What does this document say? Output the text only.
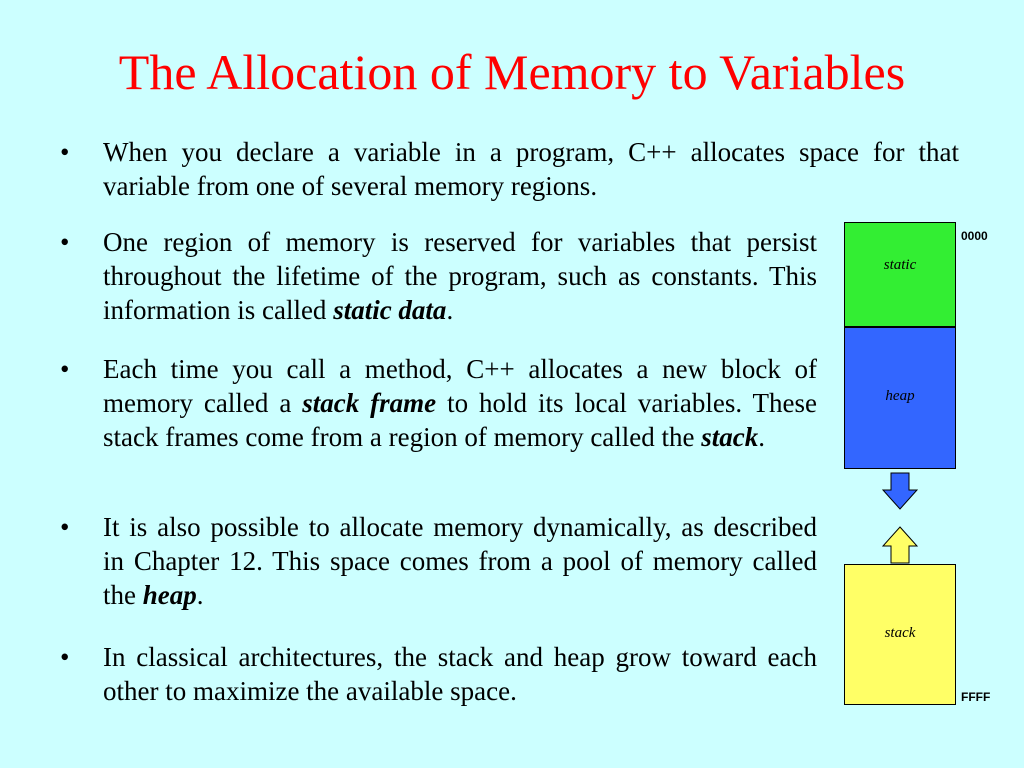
The Allocation of Memory to Variables
• When you declare a variable in a program, C++ allocates space for that variable from one of several memory regions.
• One region of memory is reserved for variables that persist throughout the lifetime of the program, such as constants. This information is called static data.
• Each time you call a method, C++ allocates a new block of memory called a stack frame to hold its local variables. These stack frames come from a region of memory called the stack.
• It is also possible to allocate memory dynamically, as described in Chapter 12. This space comes from a pool of memory called the heap.
• In classical architectures, the stack and heap grow toward each other to maximize the available space.
static

heap
stack
0000
FFFF
